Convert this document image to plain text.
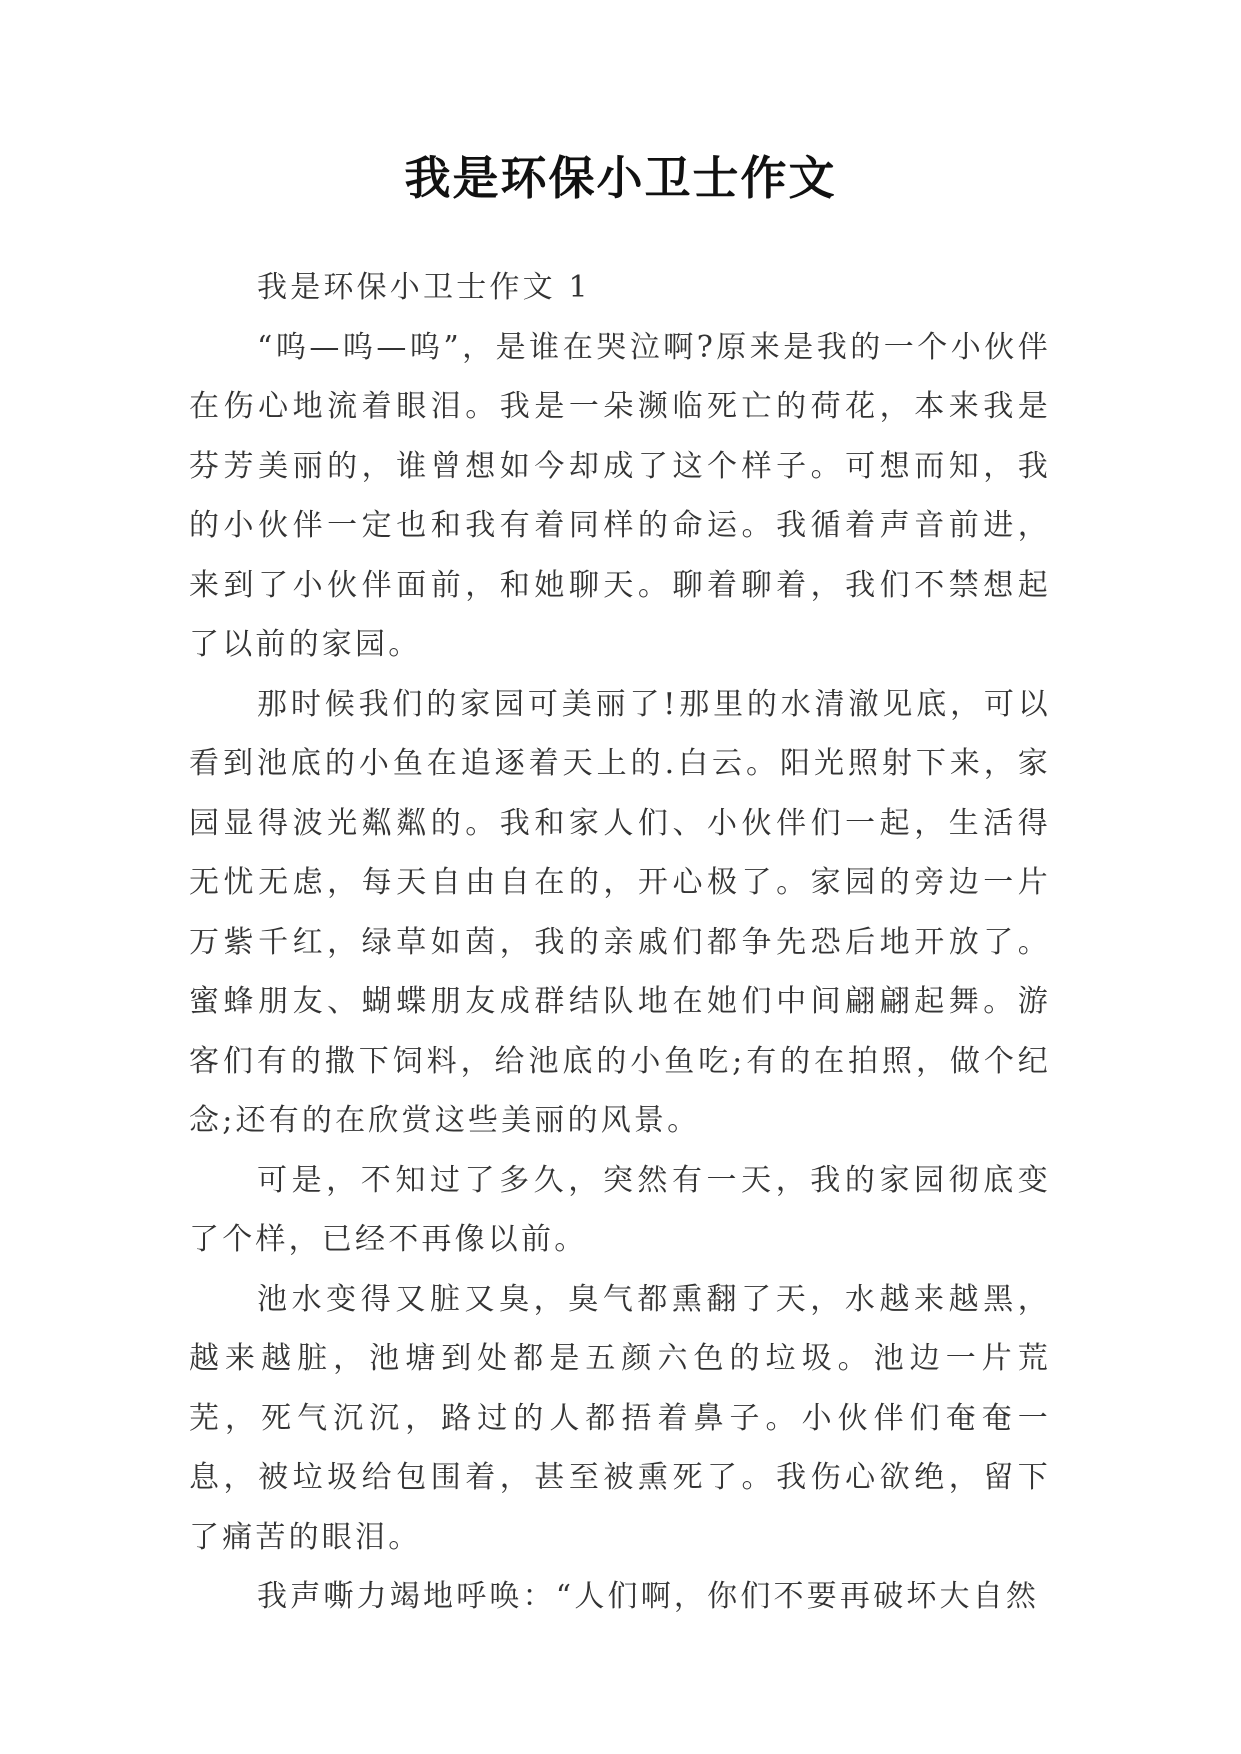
我是环保小卫士作文

我是环保小卫士作文 1

“呜—呜—呜”，是谁在哭泣啊?原来是我的一个小伙伴在伤心地流着眼泪。我是一朵濒临死亡的荷花，本来我是芬芳美丽的，谁曾想如今却成了这个样子。可想而知，我的小伙伴一定也和我有着同样的命运。我循着声音前进，来到了小伙伴面前，和她聊天。聊着聊着，我们不禁想起了以前的家园。

那时候我们的家园可美丽了!那里的水清澈见底，可以看到池底的小鱼在追逐着天上的.白云。阳光照射下来，家园显得波光粼粼的。我和家人们、小伙伴们一起，生活得无忧无虑，每天自由自在的，开心极了。家园的旁边一片万紫千红，绿草如茵，我的亲戚们都争先恐后地开放了。蜜蜂朋友、蝴蝶朋友成群结队地在她们中间翩翩起舞。游客们有的撒下饲料，给池底的小鱼吃;有的在拍照，做个纪念;还有的在欣赏这些美丽的风景。

可是，不知过了多久，突然有一天，我的家园彻底变了个样，已经不再像以前。

池水变得又脏又臭，臭气都熏翻了天，水越来越黑，越来越脏，池塘到处都是五颜六色的垃圾。池边一片荒芜，死气沉沉，路过的人都捂着鼻子。小伙伴们奄奄一息，被垃圾给包围着，甚至被熏死了。我伤心欲绝，留下了痛苦的眼泪。

我声嘶力竭地呼唤：“人们啊，你们不要再破坏大自然
